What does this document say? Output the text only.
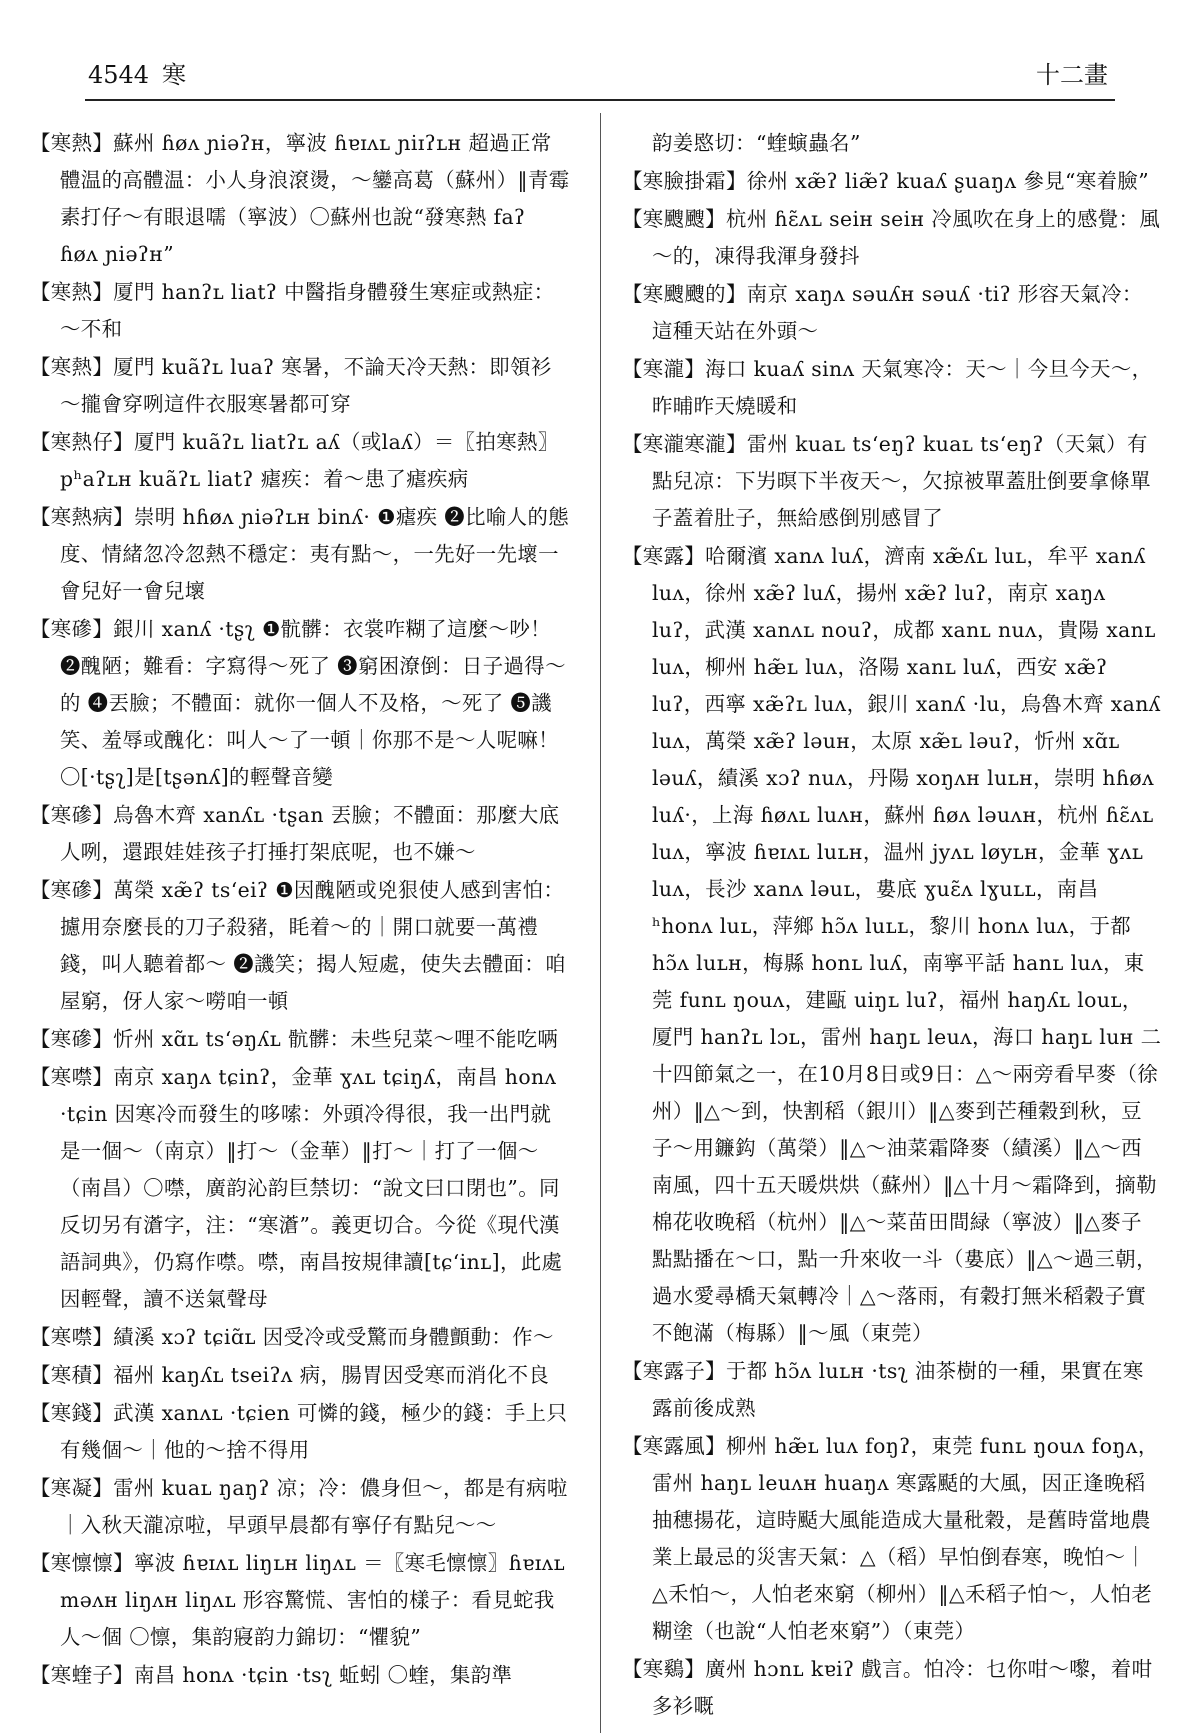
4544 寒	十二畫

【寒熱】蘇州 ɦøʌ ɲiəʔʜ，寧波 ɦɐɪʌʟ ɲiɪʔʟʜ 超過正常體温的高體温：小人身浪滾燙，～鑾高葛（蘇州）‖青霉素打仔～有眼退嚅（寧波）〇蘇州也說“發寒熱 faʔ ɦøʌ ɲiəʔʜ”

【寒熱】厦門 hanʔʟ liatʔ 中醫指身體發生寒症或熱症：～不和

【寒熱】厦門 kuãʔʟ luaʔ 寒暑，不論天冷天熱：即領衫～攏會穿咧這件衣服寒暑都可穿

【寒熱仔】厦門 kuãʔʟ liatʔʟ aʎ（或laʎ）＝〖拍寒熱〗pʰaʔʟʜ kuãʔʟ liatʔ 瘧疾：着～患了瘧疾病

【寒熱病】崇明 hɦøʌ ɲiəʔʟʜ binʎ· ❶瘧疾 ❷比喻人的態度、情緒忽冷忽熱不穩定：夷有點～，一先好一先壞一會兒好一會兒壞

【寒磣】銀川 xanʎ ·tʂʅ ❶骯髒：衣裳咋糊了這麼～吵！❷醜陋；難看：字寫得～死了 ❸窮困潦倒：日子過得～的 ❹丟臉；不體面：就你一個人不及格，～死了 ❺譏笑、羞辱或醜化：叫人～了一頓｜你那不是～人呢嘛！〇[·tʂʅ]是[tʂənʎ]的輕聲音變

【寒磣】烏魯木齊 xanʎʟ ·tʂan 丟臉；不體面：那麼大底人咧，還跟娃娃孩子打捶打架底呢，也不嫌～

【寒磣】萬榮 xæ̃ʔ tsʻeiʔ ❶因醜陋或兇狠使人感到害怕：攄用奈麼長的刀子殺豬，眊着～的｜開口就要一萬禮錢，叫人聽着都～ ❷譏笑；揭人短處，使失去體面：咱屋窮，伢人家～嘮咱一頓

【寒磣】忻州 xɑ̃ʟ tsʻəŋʎʟ 骯髒：未些兒菜～哩不能吃唡

【寒噤】南京 xaŋʌ tɕinʔ，金華 ɣʌʟ tɕiŋʎ，南昌 honʌ ·tɕin 因寒冷而發生的哆嗦：外頭冷得很，我一出門就是一個～（南京）‖打～（金華）‖打～｜打了一個～（南昌）〇噤，廣韵沁韵巨禁切：“說文曰口閉也”。同反切另有濸字，注：“寒濸”。義更切合。今從《現代漢語詞典》，仍寫作噤。噤，南昌按規律讀[tɕʻinʟ]，此處因輕聲，讀不送氣聲母

【寒噤】績溪 xɔʔ tɕiɑ̃ʟ 因受冷或受驚而身體顫動：作～

【寒積】福州 kaŋʎʟ tseiʔʌ 病，腸胃因受寒而消化不良

【寒錢】武漢 xanʌʟ ·tɕien 可憐的錢，極少的錢：手上只有幾個～｜他的～捨不得用

【寒凝】雷州 kuaʟ ŋaŋʔ 凉；冷：儂身但～，都是有病啦｜入秋天瀧凉啦，早頭早晨都有寧仔有點兒～～

【寒懔懔】寧波 ɦɐɪʌʟ liŋʟʜ liŋʌʟ ＝〖寒毛懔懔〗ɦɐɪʌʟ məʌʜ liŋʌʜ liŋʌʟ 形容驚慌、害怕的樣子：看見蛇我人～個 〇懔，集韵寢韵力錦切：“懼貌”

【寒蝰子】南昌 honʌ ·tɕin ·tsʅ 蚯蚓 〇蝰，集韵準

韵姜愍切：“蝰螾蟲名”

【寒臉掛霜】徐州 xæ̃ʔ liæ̃ʔ kuaʎ ʂuaŋʌ 參見“寒着臉”

【寒颼颼】杭州 ɦɛ̃ʌʟ seiʜ seiʜ 冷風吹在身上的感覺：風～的，凍得我渾身發抖

【寒颼颼的】南京 xaŋʌ səuʎʜ səuʎ ·tiʔ 形容天氣冷：這種天站在外頭～

【寒瀧】海口 kuaʎ sinʌ 天氣寒冷：天～｜今旦今天～，昨晡昨天燒暖和

【寒瀧寒瀧】雷州 kuaʟ tsʻeŋʔ kuaʟ tsʻeŋʔ（天氣）有點兒凉：下屴暝下半夜天～，欠掠被單蓋肚倒要拿條單子蓋着肚子，無給感倒別感冒了

【寒露】哈爾濱 xanʌ luʎ，濟南 xæ̃ʎʟ luʟ，牟平 xanʎ luʌ，徐州 xæ̃ʔ luʎ，揚州 xæ̃ʔ luʔ，南京 xaŋʌ luʔ，武漢 xanʌʟ nouʔ，成都 xanʟ nuʌ，貴陽 xanʟ luʌ，柳州 hæ̃ʟ luʌ，洛陽 xanʟ luʎ，西安 xæ̃ʔ luʔ，西寧 xæ̃ʔʟ luʌ，銀川 xanʎ ·lu，烏魯木齊 xanʎ luʌ，萬榮 xæ̃ʔ ləuʜ，太原 xæ̃ʟ ləuʔ，忻州 xɑ̃ʟ ləuʎ，績溪 xɔʔ nuʌ，丹陽 xoŋʌʜ luʟʜ，崇明 hɦøʌ luʎ·，上海 ɦøʌʟ luʌʜ，蘇州 ɦøʌ ləuʌʜ，杭州 ɦɛ̃ʌʟ luʌ，寧波 ɦɐɪʌʟ luʟʜ，温州 jyʌʟ løyʟʜ，金華 ɣʌʟ luʌ，長沙 xanʌ ləuʟ，婁底 ɣuɛ̃ʌ lɣuʟʟ，南昌 ʰhonʌ luʟ，萍鄉 hɔ̃ʌ luʟʟ，黎川 honʌ luʌ，于都 hɔ̃ʌ luʟʜ，梅縣 honʟ luʎ，南寧平話 hanʟ luʌ，東莞 funʟ ŋouʌ，建甌 uiŋʟ luʔ，福州 haŋʎʟ louʟ，厦門 hanʔʟ lɔʟ，雷州 haŋʟ leuʌ，海口 haŋʟ luʜ 二十四節氣之一，在10月8日或9日：△～兩旁看早麥（徐州）‖△～到，快割稻（銀川）‖△麥到芒種穀到秋，豆子～用鐮鈎（萬榮）‖△～油菜霜降麥（績溪）‖△～西南風，四十五天暖烘烘（蘇州）‖△十月～霜降到，摘勒棉花收晚稻（杭州）‖△～菜苗田間緑（寧波）‖△麥子點點播在～口，點一升來收一斗（婁底）‖△～過三朝，過水愛尋橋天氣轉冷｜△～落雨，有穀打無米稻穀子實不飽滿（梅縣）‖～風（東莞）

【寒露子】于都 hɔ̃ʌ luʟʜ ·tsʅ 油茶樹的一種，果實在寒露前後成熟

【寒露風】柳州 hæ̃ʟ luʌ foŋʔ，東莞 funʟ ŋouʌ foŋʌ，雷州 haŋʟ leuʌʜ huaŋʌ 寒露颳的大風，因正逢晚稻抽穗揚花，這時颳大風能造成大量秕穀，是舊時當地農業上最忌的災害天氣：△（稻）早怕倒春寒，晚怕～｜△禾怕～，人怕老來窮（柳州）‖△禾稻子怕～，人怕老糊塗（也說“人怕老來窮”）（東莞）

【寒鷄】廣州 hɔnʟ kɐiʔ 戲言。怕冷：乜你咁～嚟，着咁多衫嘅
